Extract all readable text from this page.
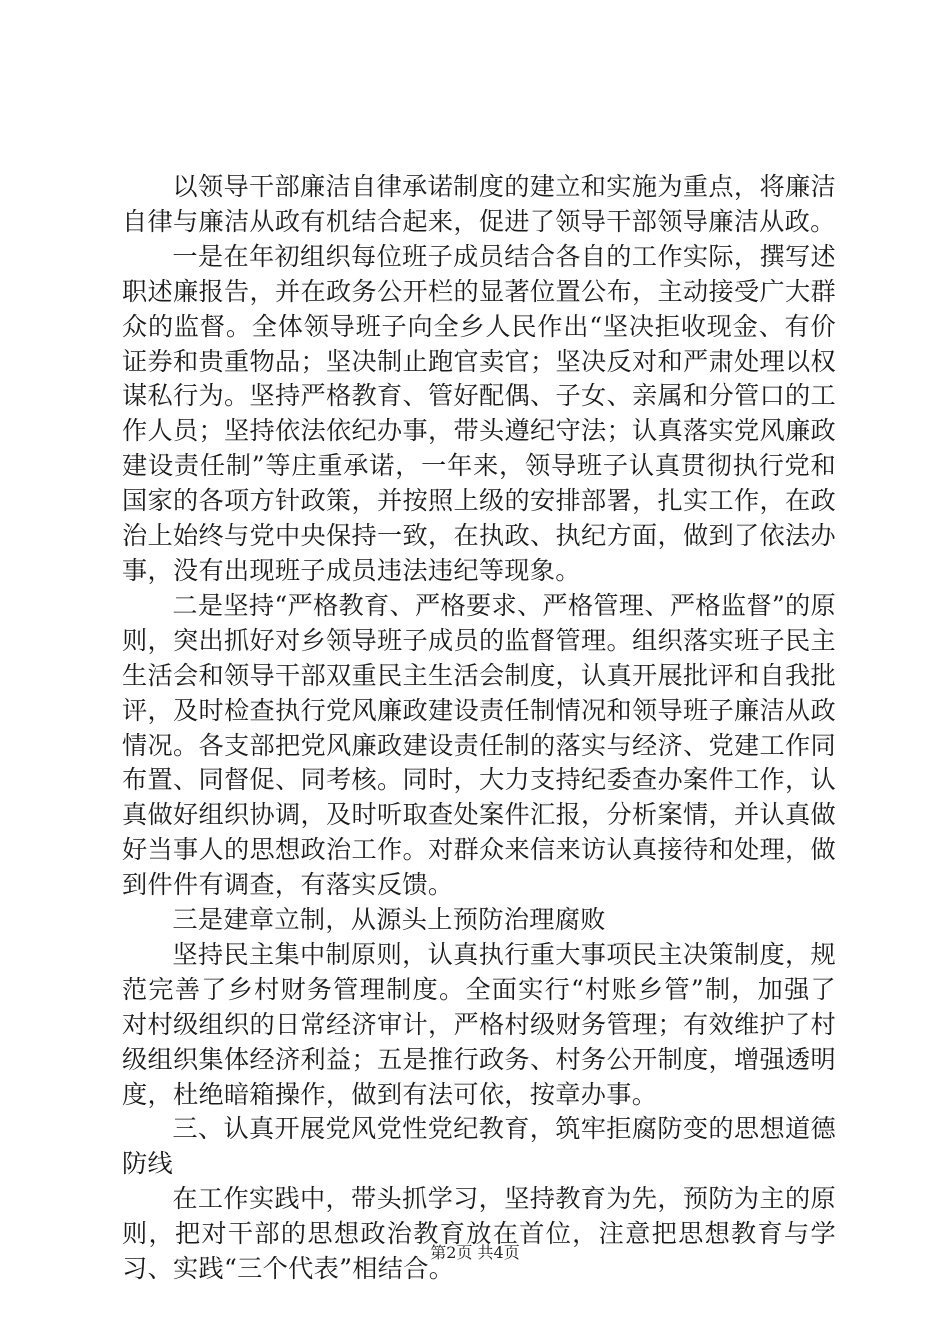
以领导干部廉洁自律承诺制度的建立和实施为重点，将廉洁自律与廉洁从政有机结合起来，促进了领导干部领导廉洁从政。

一是在年初组织每位班子成员结合各自的工作实际，撰写述职述廉报告，并在政务公开栏的显著位置公布，主动接受广大群众的监督。全体领导班子向全乡人民作出“坚决拒收现金、有价证券和贵重物品；坚决制止跑官卖官；坚决反对和严肃处理以权谋私行为。坚持严格教育、管好配偶、子女、亲属和分管口的工作人员；坚持依法依纪办事，带头遵纪守法；认真落实党风廉政建设责任制”等庄重承诺，一年来，领导班子认真贯彻执行党和国家的各项方针政策，并按照上级的安排部署，扎实工作，在政治上始终与党中央保持一致，在执政、执纪方面，做到了依法办事，没有出现班子成员违法违纪等现象。

二是坚持“严格教育、严格要求、严格管理、严格监督”的原则，突出抓好对乡领导班子成员的监督管理。组织落实班子民主生活会和领导干部双重民主生活会制度，认真开展批评和自我批评，及时检查执行党风廉政建设责任制情况和领导班子廉洁从政情况。各支部把党风廉政建设责任制的落实与经济、党建工作同布置、同督促、同考核。同时，大力支持纪委查办案件工作，认真做好组织协调，及时听取查处案件汇报，分析案情，并认真做好当事人的思想政治工作。对群众来信来访认真接待和处理，做到件件有调查，有落实反馈。

三是建章立制，从源头上预防治理腐败

坚持民主集中制原则，认真执行重大事项民主决策制度，规范完善了乡村财务管理制度。全面实行“村账乡管”制，加强了对村级组织的日常经济审计，严格村级财务管理；有效维护了村级组织集体经济利益；五是推行政务、村务公开制度，增强透明度，杜绝暗箱操作，做到有法可依，按章办事。

三、认真开展党风党性党纪教育，筑牢拒腐防变的思想道德防线

在工作实践中，带头抓学习，坚持教育为先，预防为主的原则，把对干部的思想政治教育放在首位，注意把思想教育与学习、实践“三个代表”相结合。

第2页 共4页
